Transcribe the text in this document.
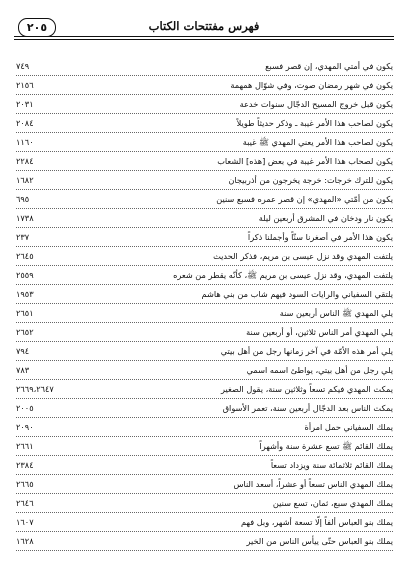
٢٠٥	فهرس مفتتحات الكتاب
يكون في أمتي المهدي، إن قصر فسبع
٧٤٩
يكون في شهر رمضان صوت، وفي شوّال همهمة
٢١٥٦
يكون قبل خروج المسيح الدجّال سنوات خدعة
٢٠٣١
يكون لصاحب هذا الأمر غيبة ـ وذكر حديثاً طويلاً
٢٠٨٤
يكون لصاحب هذا الأمر يعني المهدي ﷺ غيبة
١١٦٠
يكون لصحاب هذا الأمر غيبة في بعض [هذه] الشعاب
٢٢٨٤
يكون للترك خرجات: خرجة يخرجون من أذربيجان
١٦٨٢
يكون من أمّتي «المهدي» إن قصر عمره فسبع سنين
٦٩٥
يكون نار ودخان في المشرق أربعين ليلة
١٧٣٨
يكون هذا الأمر في أصغرنا سنّاً وأجملنا ذكراً
٢٣٧
يلتفت المهدي وقد نزل عيسى بن مريم، فذكر الحديث
٢٦٤٥
يلتفت المهدي، وقد نزل عيسى بن مريم ﷺ، كأنّه يقطر من شعره
٢٥٥٩
يلتقي السفياني والرايات السود فيهم شاب من بني هاشم
١٩٥٣
يلي المهدي ﷺ الناس أربعين سنة
٢٦٥١
يلي المهدي أمر الناس ثلاثين، أو أربعين سنة
٢٦٥٢
يلي أمر هذه الأمّة في آخر زمانها رجل من أهل بيتي
٧٩٤
يلي رجل من أهل بيتي، يواطئ اسمه اسمي
٧٨٣
يمكث المهدي فيكم تسعاً وثلاثين سنة، يقول الصغير
٢٦٦٩،٢٦٤٧
يمكث الناس بعد الدجّال أربعين سنة، تعمر الأسواق
٢٠٠٥
يملك السفياني حمل امرأة
٢٠٩٠
يملك القائم ﷺ تسع عشرة سنة وأشهراً
٢٦٦١
يملك القائم ثلاثمائة سنة ويزداد تسعاً
٢٣٨٤
يملك المهدي الناس تسعاً أو عشراً، أسعد الناس
٢٦٦٥
يملك المهدي سبع، ثمان، تسع سنين
٢٦٤٦
يملك بنو العباس ألفاً إلّا تسعة أشهر، وبل فهم
١٦٠٧
يملك بنو العباس حتّى ييأس الناس من الخير
١٦٢٨
